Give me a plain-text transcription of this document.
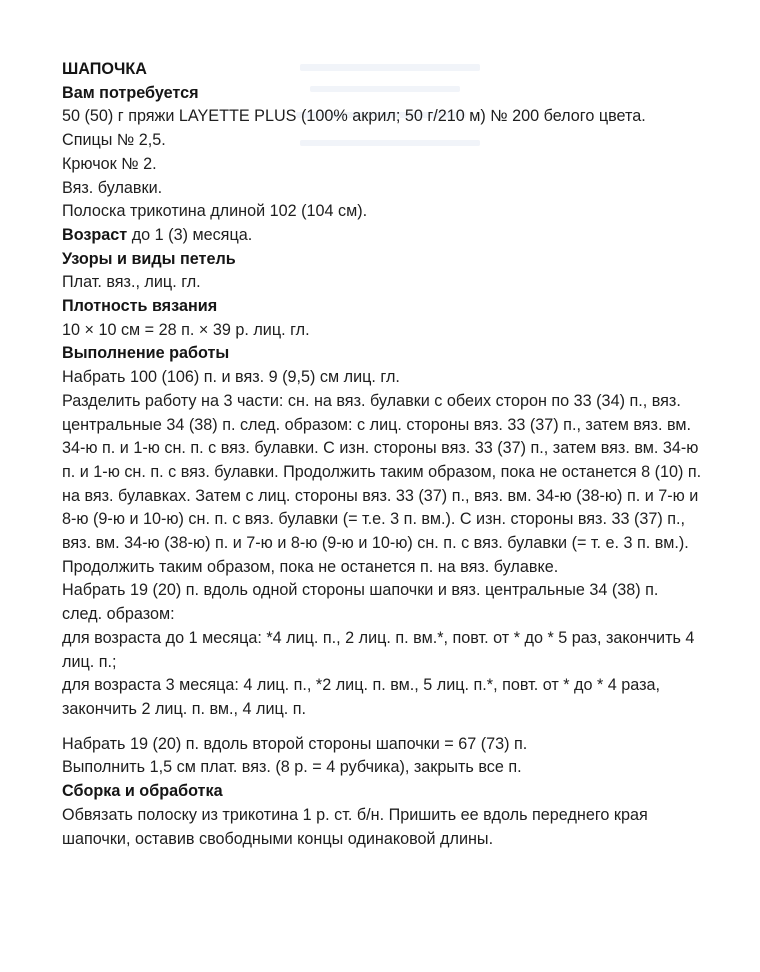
ШАПОЧКА
Вам потребуется

50 (50) г пряжи LAYETTE PLUS (100% акрил; 50 г/210 м) № 200 белого цвета.

Спицы № 2,5.

Крючок № 2.

Вяз. булавки.

Полоска трикотина длиной 102 (104 см).

Возраст до 1 (3) месяца.

Узоры и виды петель

Плат. вяз., лиц. гл.

Плотность вязания

10 × 10 см = 28 п. × 39 р. лиц. гл.

Выполнение работы

Набрать 100 (106) п. и вяз. 9 (9,5) см лиц. гл.

Разделить работу на 3 части: сн. на вяз. булавки с обеих сторон по 33 (34) п., вяз. центральные 34 (38) п. след. образом: с лиц. стороны вяз. 33 (37) п., затем вяз. вм. 34-ю п. и 1-ю сн. п. с вяз. булавки. С изн. стороны вяз. 33 (37) п., затем вяз. вм. 34-ю п. и 1-ю сн. п. с вяз. булавки. Продолжить таким образом, пока не останется 8 (10) п. на вяз. булавках. Затем с лиц. стороны вяз. 33 (37) п., вяз. вм. 34-ю (38-ю) п. и 7-ю и 8-ю (9-ю и 10-ю) сн. п. с вяз. булавки (= т.е. 3 п. вм.). С изн. стороны вяз. 33 (37) п., вяз. вм. 34-ю (38-ю) п. и 7-ю и 8-ю (9-ю и 10-ю) сн. п. с вяз. булавки (= т. е. 3 п. вм.). Продолжить таким образом, пока не останется п. на вяз. булавке.

Набрать 19 (20) п. вдоль одной стороны шапочки и вяз. центральные 34 (38) п. след. образом:

для возраста до 1 месяца: *4 лиц. п., 2 лиц. п. вм.*, повт. от * до * 5 раз, закончить 4 лиц. п.;

для возраста 3 месяца: 4 лиц. п., *2 лиц. п. вм., 5 лиц. п.*, повт. от * до * 4 раза, закончить 2 лиц. п. вм., 4 лиц. п.

Набрать 19 (20) п. вдоль второй стороны шапочки = 67 (73) п.

Выполнить 1,5 см плат. вяз. (8 р. = 4 рубчика), закрыть все п.

Сборка и обработка

Обвязать полоску из трикотина 1 р. ст. б/н. Пришить ее вдоль переднего края шапочки, оставив свободными концы одинаковой длины.
